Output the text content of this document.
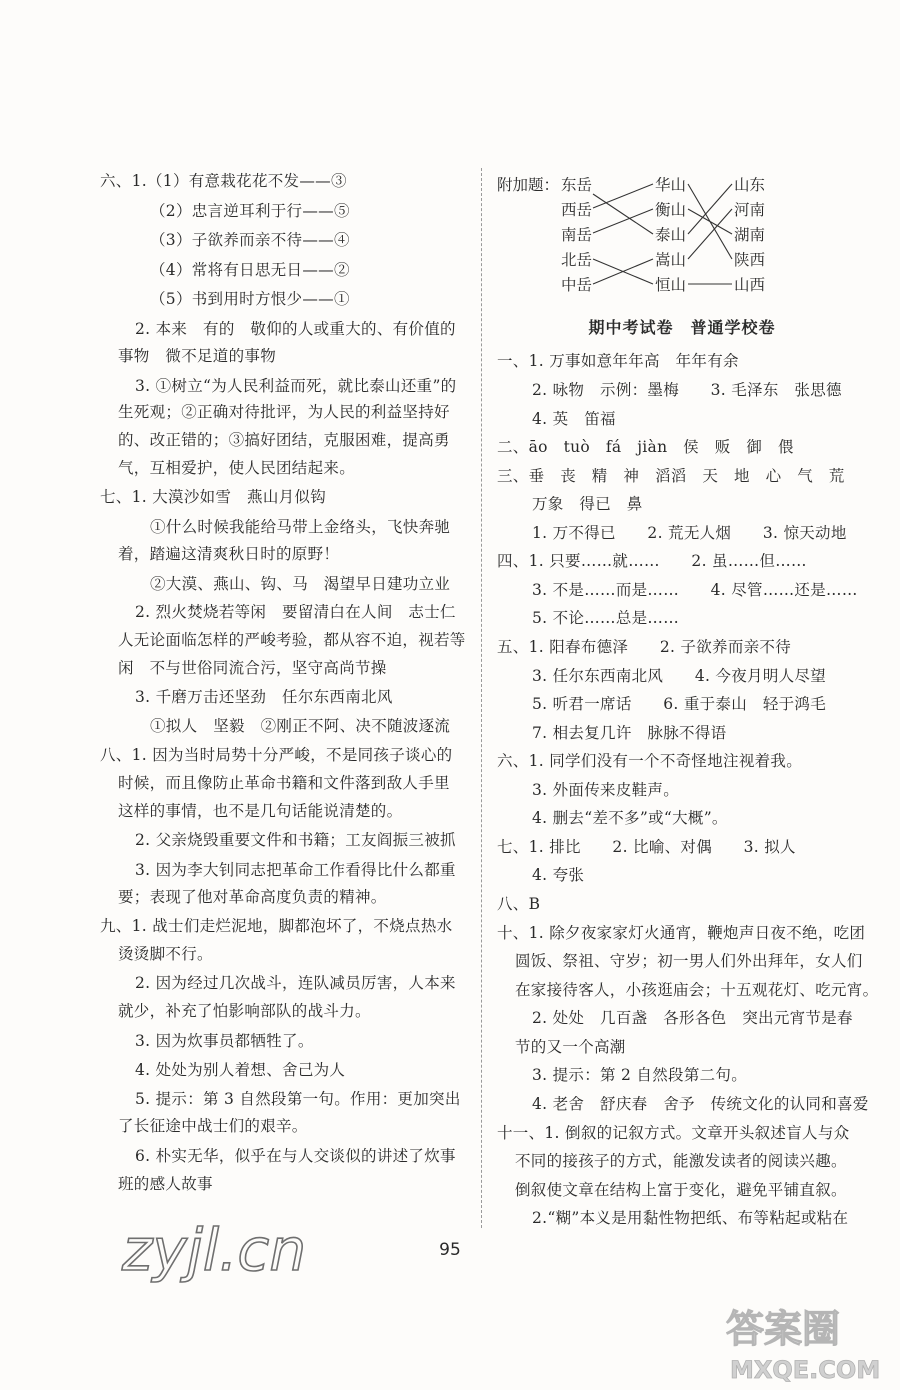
六、1.（1）有意栽花花不发——③
（2）忠言逆耳利于行——⑤
（3）子欲养而亲不待——④
（4）常将有日思无日——②
（5）书到用时方恨少——①
2. 本来　有的　敬仰的人或重大的、有价值的
事物　微不足道的事物
3. ①树立“为人民利益而死，就比泰山还重”的
生死观；②正确对待批评，为人民的利益坚持好
的、改正错的；③搞好团结，克服困难，提高勇
气，互相爱护，使人民团结起来。
七、1. 大漠沙如雪　燕山月似钩
①什么时候我能给马带上金络头，飞快奔驰
着，踏遍这清爽秋日时的原野！
②大漠、燕山、钩、马　渴望早日建功立业
2. 烈火焚烧若等闲　要留清白在人间　志士仁
人无论面临怎样的严峻考验，都从容不迫，视若等
闲　不与世俗同流合污，坚守高尚节操
3. 千磨万击还坚劲　任尔东西南北风
①拟人　坚毅　②刚正不阿、决不随波逐流
八、1. 因为当时局势十分严峻，不是同孩子谈心的
时候，而且像防止革命书籍和文件落到敌人手里
这样的事情，也不是几句话能说清楚的。
2. 父亲烧毁重要文件和书籍；工友阎振三被抓
3. 因为李大钊同志把革命工作看得比什么都重
要；表现了他对革命高度负责的精神。
九、1. 战士们走烂泥地，脚都泡坏了，不烧点热水
烫烫脚不行。
2. 因为经过几次战斗，连队减员厉害，人本来
就少，补充了怕影响部队的战斗力。
3. 因为炊事员都牺牲了。
4. 处处为别人着想、舍己为人
5. 提示：第 3 自然段第一句。作用：更加突出
了长征途中战士们的艰辛。
6. 朴实无华，似乎在与人交谈似的讲述了炊事
班的感人故事
附加题： 东岳
西岳
南岳
北岳
中岳
华山
衡山
泰山
嵩山
恒山
山东
河南
湖南
陕西
山西
期中考试卷　普通学校卷
一、1. 万事如意年年高　年年有余
2. 咏物　示例：墨梅　　3. 毛泽东　张思德
4. 英　笛福
二、āo　tuò　fá　jiàn　侯　贩　御　偎
三、垂　丧　精　神　滔滔　天　地　心　气　荒
万象　得已　鼻
1. 万不得已　　2. 荒无人烟　　3. 惊天动地
四、1. 只要……就……　　2. 虽……但……
3. 不是……而是……　　4. 尽管……还是……
5. 不论……总是……
五、1. 阳春布德泽　　2. 子欲养而亲不待
3. 任尔东西南北风　　4. 今夜月明人尽望
5. 听君一席话　　6. 重于泰山　轻于鸿毛
7. 相去复几许　脉脉不得语
六、1. 同学们没有一个不奇怪地注视着我。
3. 外面传来皮鞋声。
4. 删去“差不多”或“大概”。
七、1. 排比　　2. 比喻、对偶　　3. 拟人
4. 夸张
八、B
十、1. 除夕夜家家灯火通宵，鞭炮声日夜不绝，吃团
圆饭、祭祖、守岁；初一男人们外出拜年，女人们
在家接待客人，小孩逛庙会；十五观花灯、吃元宵。
2. 处处　几百盏　各形各色　突出元宵节是春
节的又一个高潮
3. 提示：第 2 自然段第二句。
4. 老舍　舒庆春　舍予　传统文化的认同和喜爱
十一、1. 倒叙的记叙方式。文章开头叙述盲人与众
不同的接孩子的方式，能激发读者的阅读兴趣。
倒叙使文章在结构上富于变化，避免平铺直叙。
2.“糊”本义是用黏性物把纸、布等粘起或粘在
95
zyjl.cn
答案圈
MXQE.COM
